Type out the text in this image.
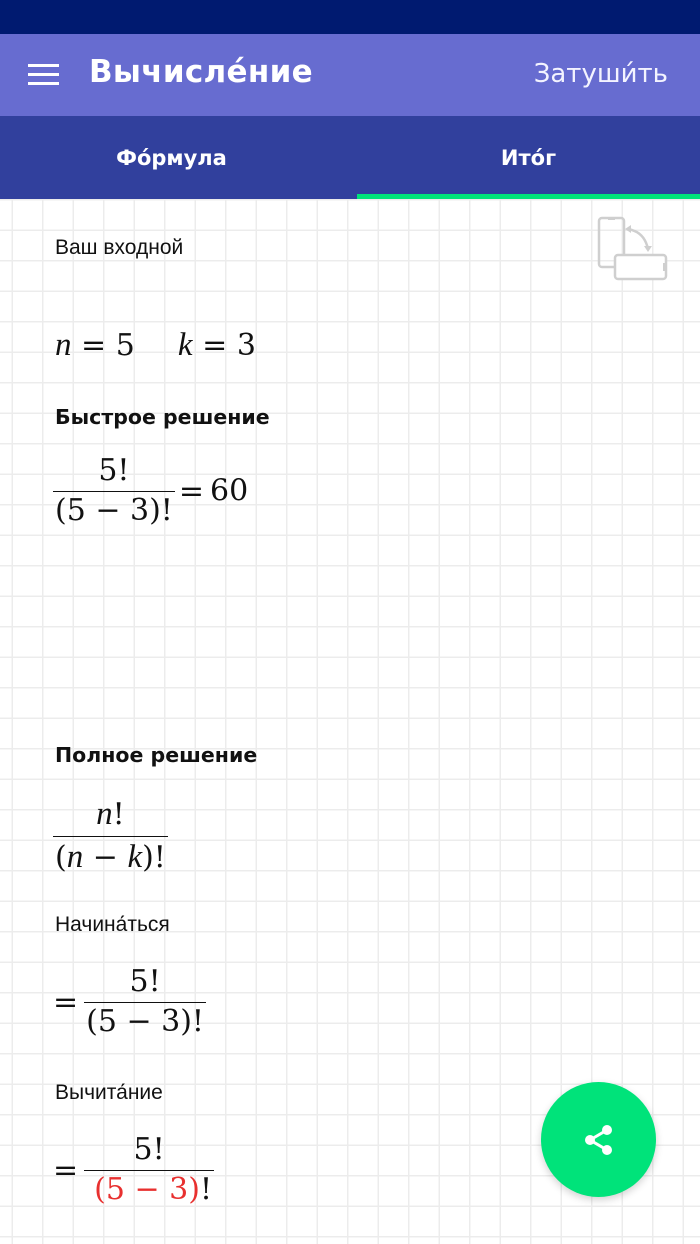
Вычисле́ние	Затуши́ть
Фо́рмула	Ито́г
Ваш входной
n = 5 k = 3
Быстрое решение
$\frac{5!}{(5 - 3)!} = 60$
Полное решение
$\frac{n!}{(n - k)!}$
Начина́ться
= $\frac{5!}{(5 - 3)!}$
Вычита́ние
= $\frac{5!}{(5 - 3)!}$
